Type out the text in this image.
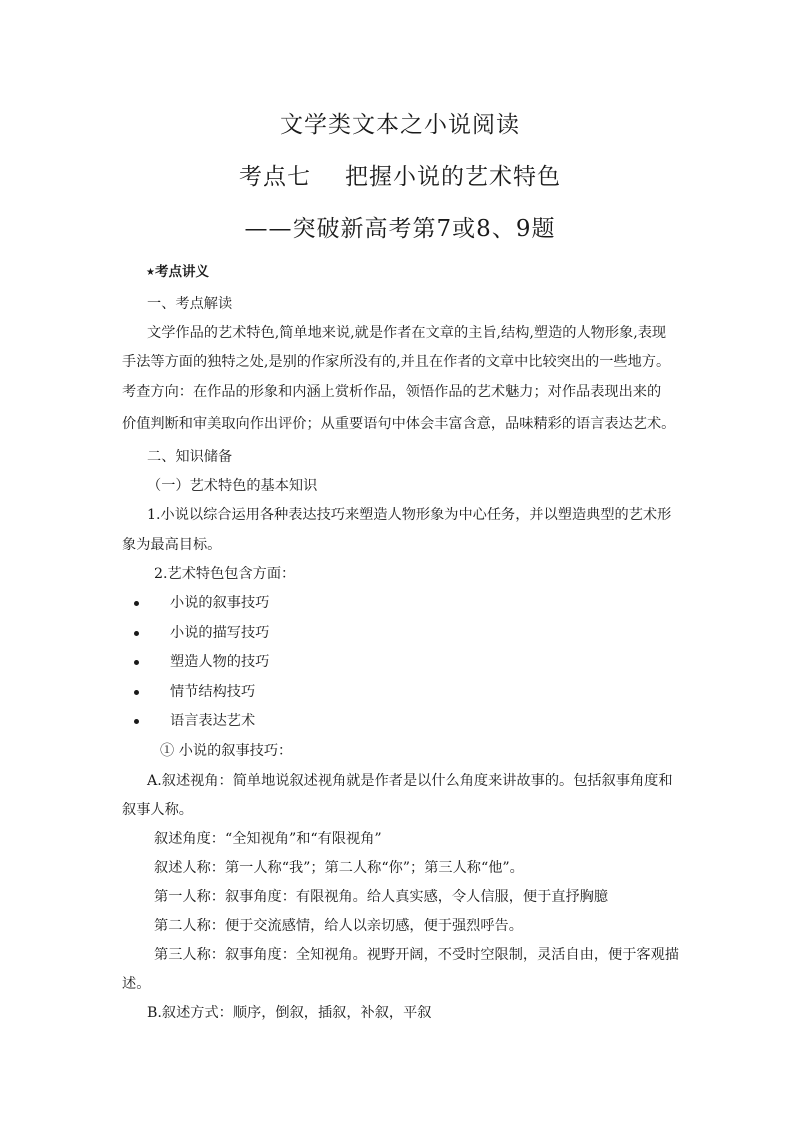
文学类文本之小说阅读
考点七 把握小说的艺术特色
——突破新高考第7或8、9题
★考点讲义
一、考点解读
文学作品的艺术特色,简单地来说,就是作者在文章的主旨,结构,塑造的人物形象,表现
手法等方面的独特之处,是别的作家所没有的,并且在作者的文章中比较突出的一些地方。
考查方向：在作品的形象和内涵上赏析作品，领悟作品的艺术魅力；对作品表现出来的
价值判断和审美取向作出评价；从重要语句中体会丰富含意，品味精彩的语言表达艺术。
二、知识储备
（一）艺术特色的基本知识
1.小说以综合运用各种表达技巧来塑造人物形象为中心任务，并以塑造典型的艺术形
象为最高目标。
2.艺术特色包含方面：
小说的叙事技巧
小说的描写技巧
塑造人物的技巧
情节结构技巧
语言表达艺术
① 小说的叙事技巧：
A.叙述视角：简单地说叙述视角就是作者是以什么角度来讲故事的。包括叙事角度和
叙事人称。
叙述角度：“全知视角”和“有限视角”
叙述人称：第一人称“我”；第二人称“你”；第三人称“他”。
第一人称：叙事角度：有限视角。给人真实感，令人信服，便于直抒胸臆
第二人称：便于交流感情，给人以亲切感，便于强烈呼告。
第三人称：叙事角度：全知视角。视野开阔，不受时空限制，灵活自由，便于客观描
述。
B.叙述方式：顺序，倒叙，插叙，补叙，平叙
